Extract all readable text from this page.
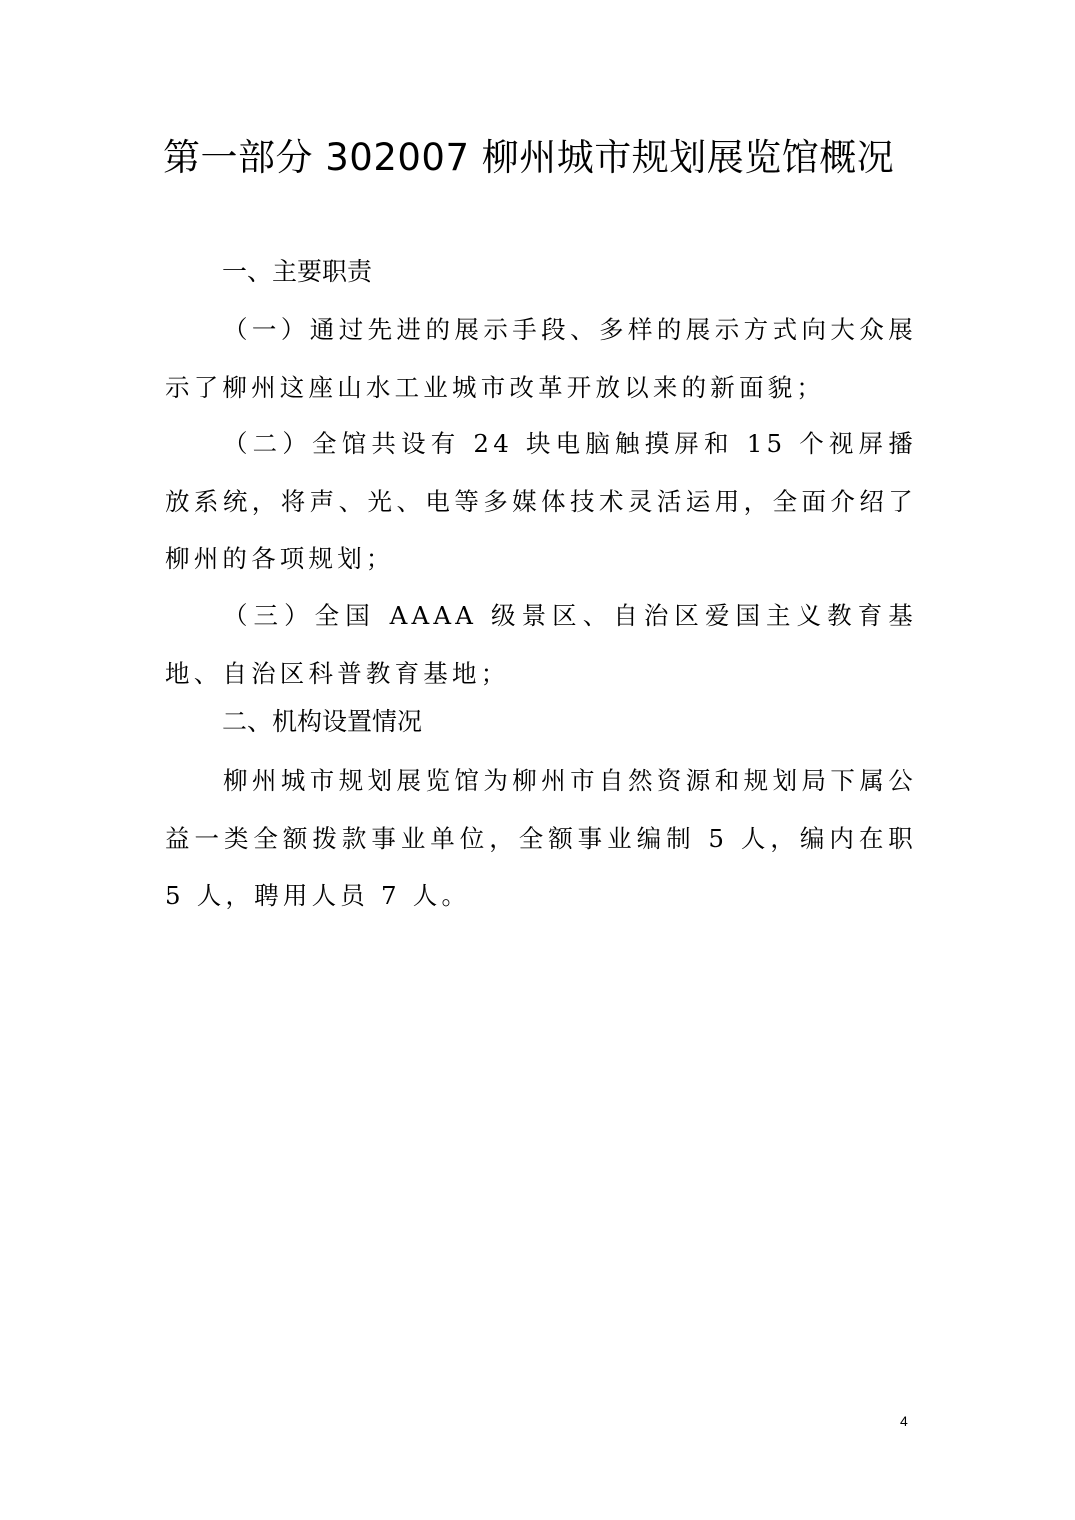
第一部分 302007 柳州城市规划展览馆概况
一、主要职责

（一）通过先进的展示手段、多样的展示方式向大众展示了柳州这座山水工业城市改革开放以来的新面貌；

（二）全馆共设有 24 块电脑触摸屏和 15 个视屏播放系统，将声、光、电等多媒体技术灵活运用，全面介绍了柳州的各项规划；

（三）全国 AAAA 级景区、自治区爱国主义教育基地、自治区科普教育基地；

二、机构设置情况

柳州城市规划展览馆为柳州市自然资源和规划局下属公益一类全额拨款事业单位，全额事业编制 5 人，编内在职 5 人，聘用人员 7 人。

4
